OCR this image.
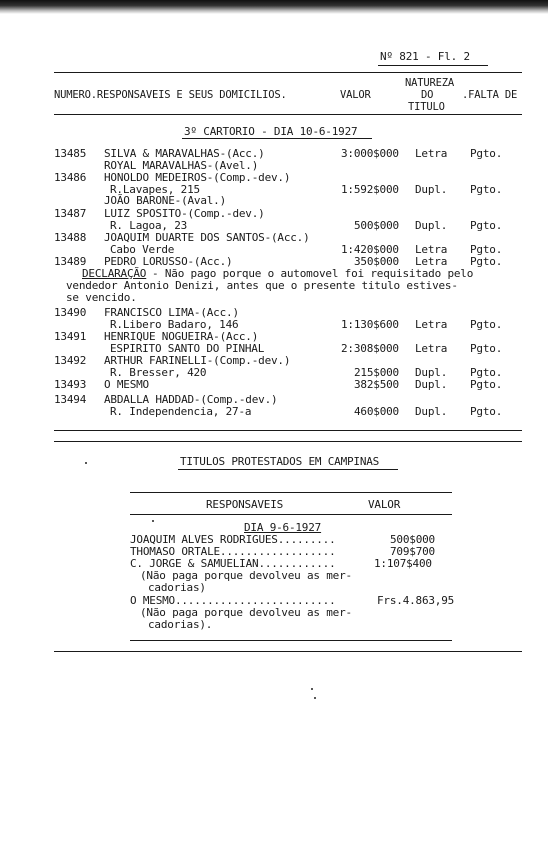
Nº 821 - Fl. 2
NATUREZA
NUMERO.RESPONSAVEIS E SEUS DOMICILIOS.	VALOR	DO	.FALTA DE
TITULO
3º CARTORIO - DIA 10-6-1927
13485 SILVA & MARAVALHAS-(Acc.)
ROYAL MARAVALHAS-(Avel.)
3:000$000 Letra Pgto.
13486 HONOLDO MEDEIROS-(Comp.-dev.)
R.Lavapes, 215
JOÃO BARONE-(Aval.)
1:592$000 Dupl. Pgto.
13487 LUIZ SPOSITO-(Comp.-dev.)
R. Lagoa, 23	500$000 Dupl. Pgto.
13488 JOAQUIM DUARTE DOS SANTOS-(Acc.)
Cabo Verde	1:420$000 Letra Pgto.
13489 PEDRO LORUSSO-(Acc.)	350$000 Letra Pgto.
DECLARAÇÃO - Não pago porque o automovel foi requisitado pelo
vendedor Antonio Denizi, antes que o presente titulo estives-
se vencido.
13490 FRANCISCO LIMA-(Acc.)
R.Libero Badaro, 146	1:130$600 Letra Pgto.
13491 HENRIQUE NOGUEIRA-(Acc.)
ESPIRITO SANTO DO PINHAL	2:308$000 Letra Pgto.
13492 ARTHUR FARINELLI-(Comp.-dev.)
R. Bresser, 420	215$000 Dupl. Pgto.
13493 O MESMO	382$500 Dupl. Pgto.
13494 ABDALLA HADDAD-(Comp.-dev.)
R. Independencia, 27-a	460$000 Dupl. Pgto.
TITULOS PROTESTADOS EM CAMPINAS
RESPONSAVEIS	VALOR
DIA 9-6-1927
JOAQUIM ALVES RODRIGUES.........	500$000
THOMASO ORTALE..................	709$700
C. JORGE & SAMUELIAN............	1:107$400
(Não paga porque devolveu as mer-
cadorias)
O MESMO.........................	Frs.4.863,95
(Não paga porque devolveu as mer-
cadorias).
